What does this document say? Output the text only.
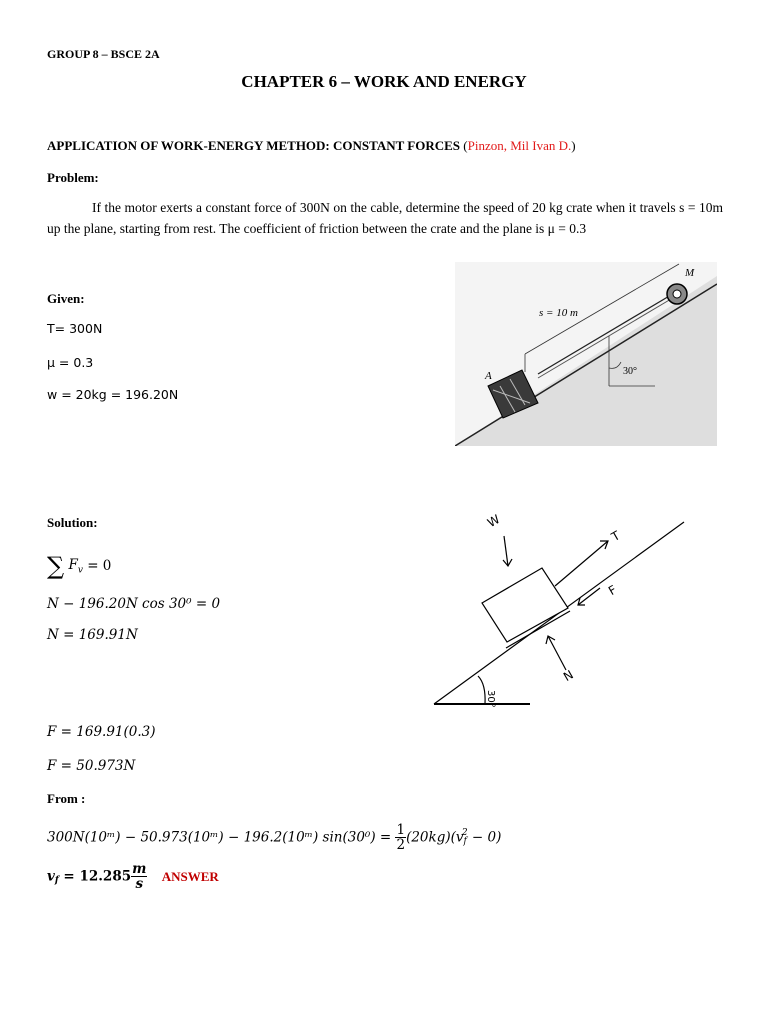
GROUP 8 – BSCE 2A
CHAPTER 6 – WORK AND ENERGY
APPLICATION OF WORK-ENERGY METHOD: CONSTANT FORCES (Pinzon, Mil Ivan D.)
Problem:
If the motor exerts a constant force of 300N on the cable, determine the speed of 20 kg crate when it travels s = 10m up the plane, starting from rest. The coefficient of friction between the crate and the plane is μ = 0.3
Given:
T= 300N
μ = 0.3
w = 20kg = 196.20N
s = 10 m
30°
A
M
Solution:
∑ $F_v = 0$
N − 196.20N cos 30⁰ = 0
N = 169.91N
30°
W
T
F
N
F = 169.91(0.3)
F = 50.973N
From :
300N(10ᵐ) − 50.973(10ᵐ) − 196.2(10ᵐ) $\sin(30^0) = \frac{1}{2} (20kg)(v_f^2 - 0)$
$v_f = 12.285 \frac{m}{s}$ ANSWER
